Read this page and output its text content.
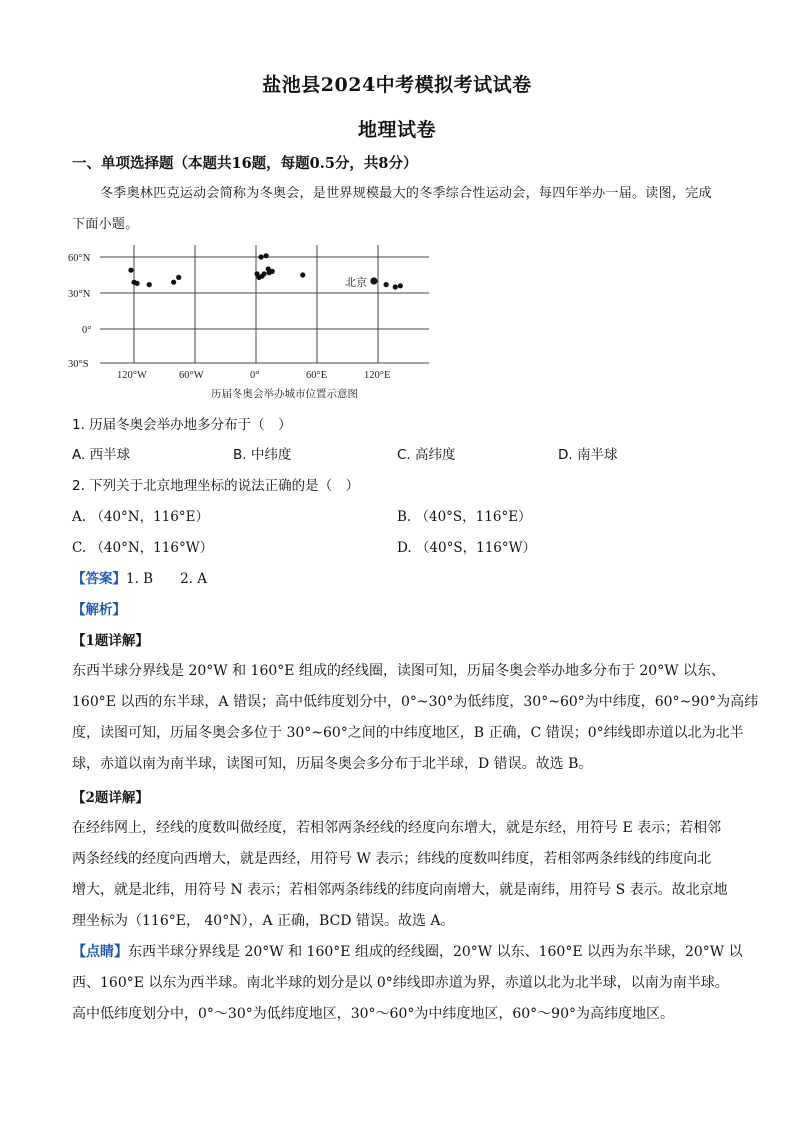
盐池县2024中考模拟考试试卷
地理试卷
一、单项选择题（本题共16题，每题0.5分，共8分）
冬季奥林匹克运动会简称为冬奥会，是世界规模最大的冬季综合性运动会，每四年举办一届。读图，完成下面小题。
60°N
30°N
0°
30°S
120°W	60°W	0°	60°E	120°E
北京
历届冬奥会举办城市位置示意图
1. 历届冬奥会举办地多分布于（　）
A. 西半球	B. 中纬度	C. 高纬度	D. 南半球
2. 下列关于北京地理坐标的说法正确的是（　）
A. （40°N，116°E）	B. （40°S，116°E）
C. （40°N，116°W）	D. （40°S，116°W）
【答案】1. B　　2. A
【解析】
【1题详解】
东西半球分界线是 20°W 和 160°E 组成的经线圈，读图可知，历届冬奥会举办地多分布于 20°W 以东、
160°E 以西的东半球，A 错误；高中低纬度划分中，0°~30°为低纬度，30°~60°为中纬度，60°~90°为高纬
度，读图可知，历届冬奥会多位于 30°~60°之间的中纬度地区，B 正确，C 错误；0°纬线即赤道以北为北半
球，赤道以南为南半球，读图可知，历届冬奥会多分布于北半球，D 错误。故选 B。
【2题详解】
在经纬网上，经线的度数叫做经度，若相邻两条经线的经度向东增大，就是东经，用符号 E 表示；若相邻
两条经线的经度向西增大，就是西经，用符号 W 表示；纬线的度数叫纬度，若相邻两条纬线的纬度向北
增大，就是北纬，用符号 N 表示；若相邻两条纬线的纬度向南增大，就是南纬，用符号 S 表示。故北京地
理坐标为（116°E， 40°N），A 正确，BCD 错误。故选 A。
【点睛】东西半球分界线是 20°W 和 160°E 组成的经线圈，20°W 以东、160°E 以西为东半球，20°W 以
西、160°E 以东为西半球。南北半球的划分是以 0°纬线即赤道为界，赤道以北为北半球，以南为南半球。
高中低纬度划分中，0°～30°为低纬度地区，30°～60°为中纬度地区，60°～90°为高纬度地区。
